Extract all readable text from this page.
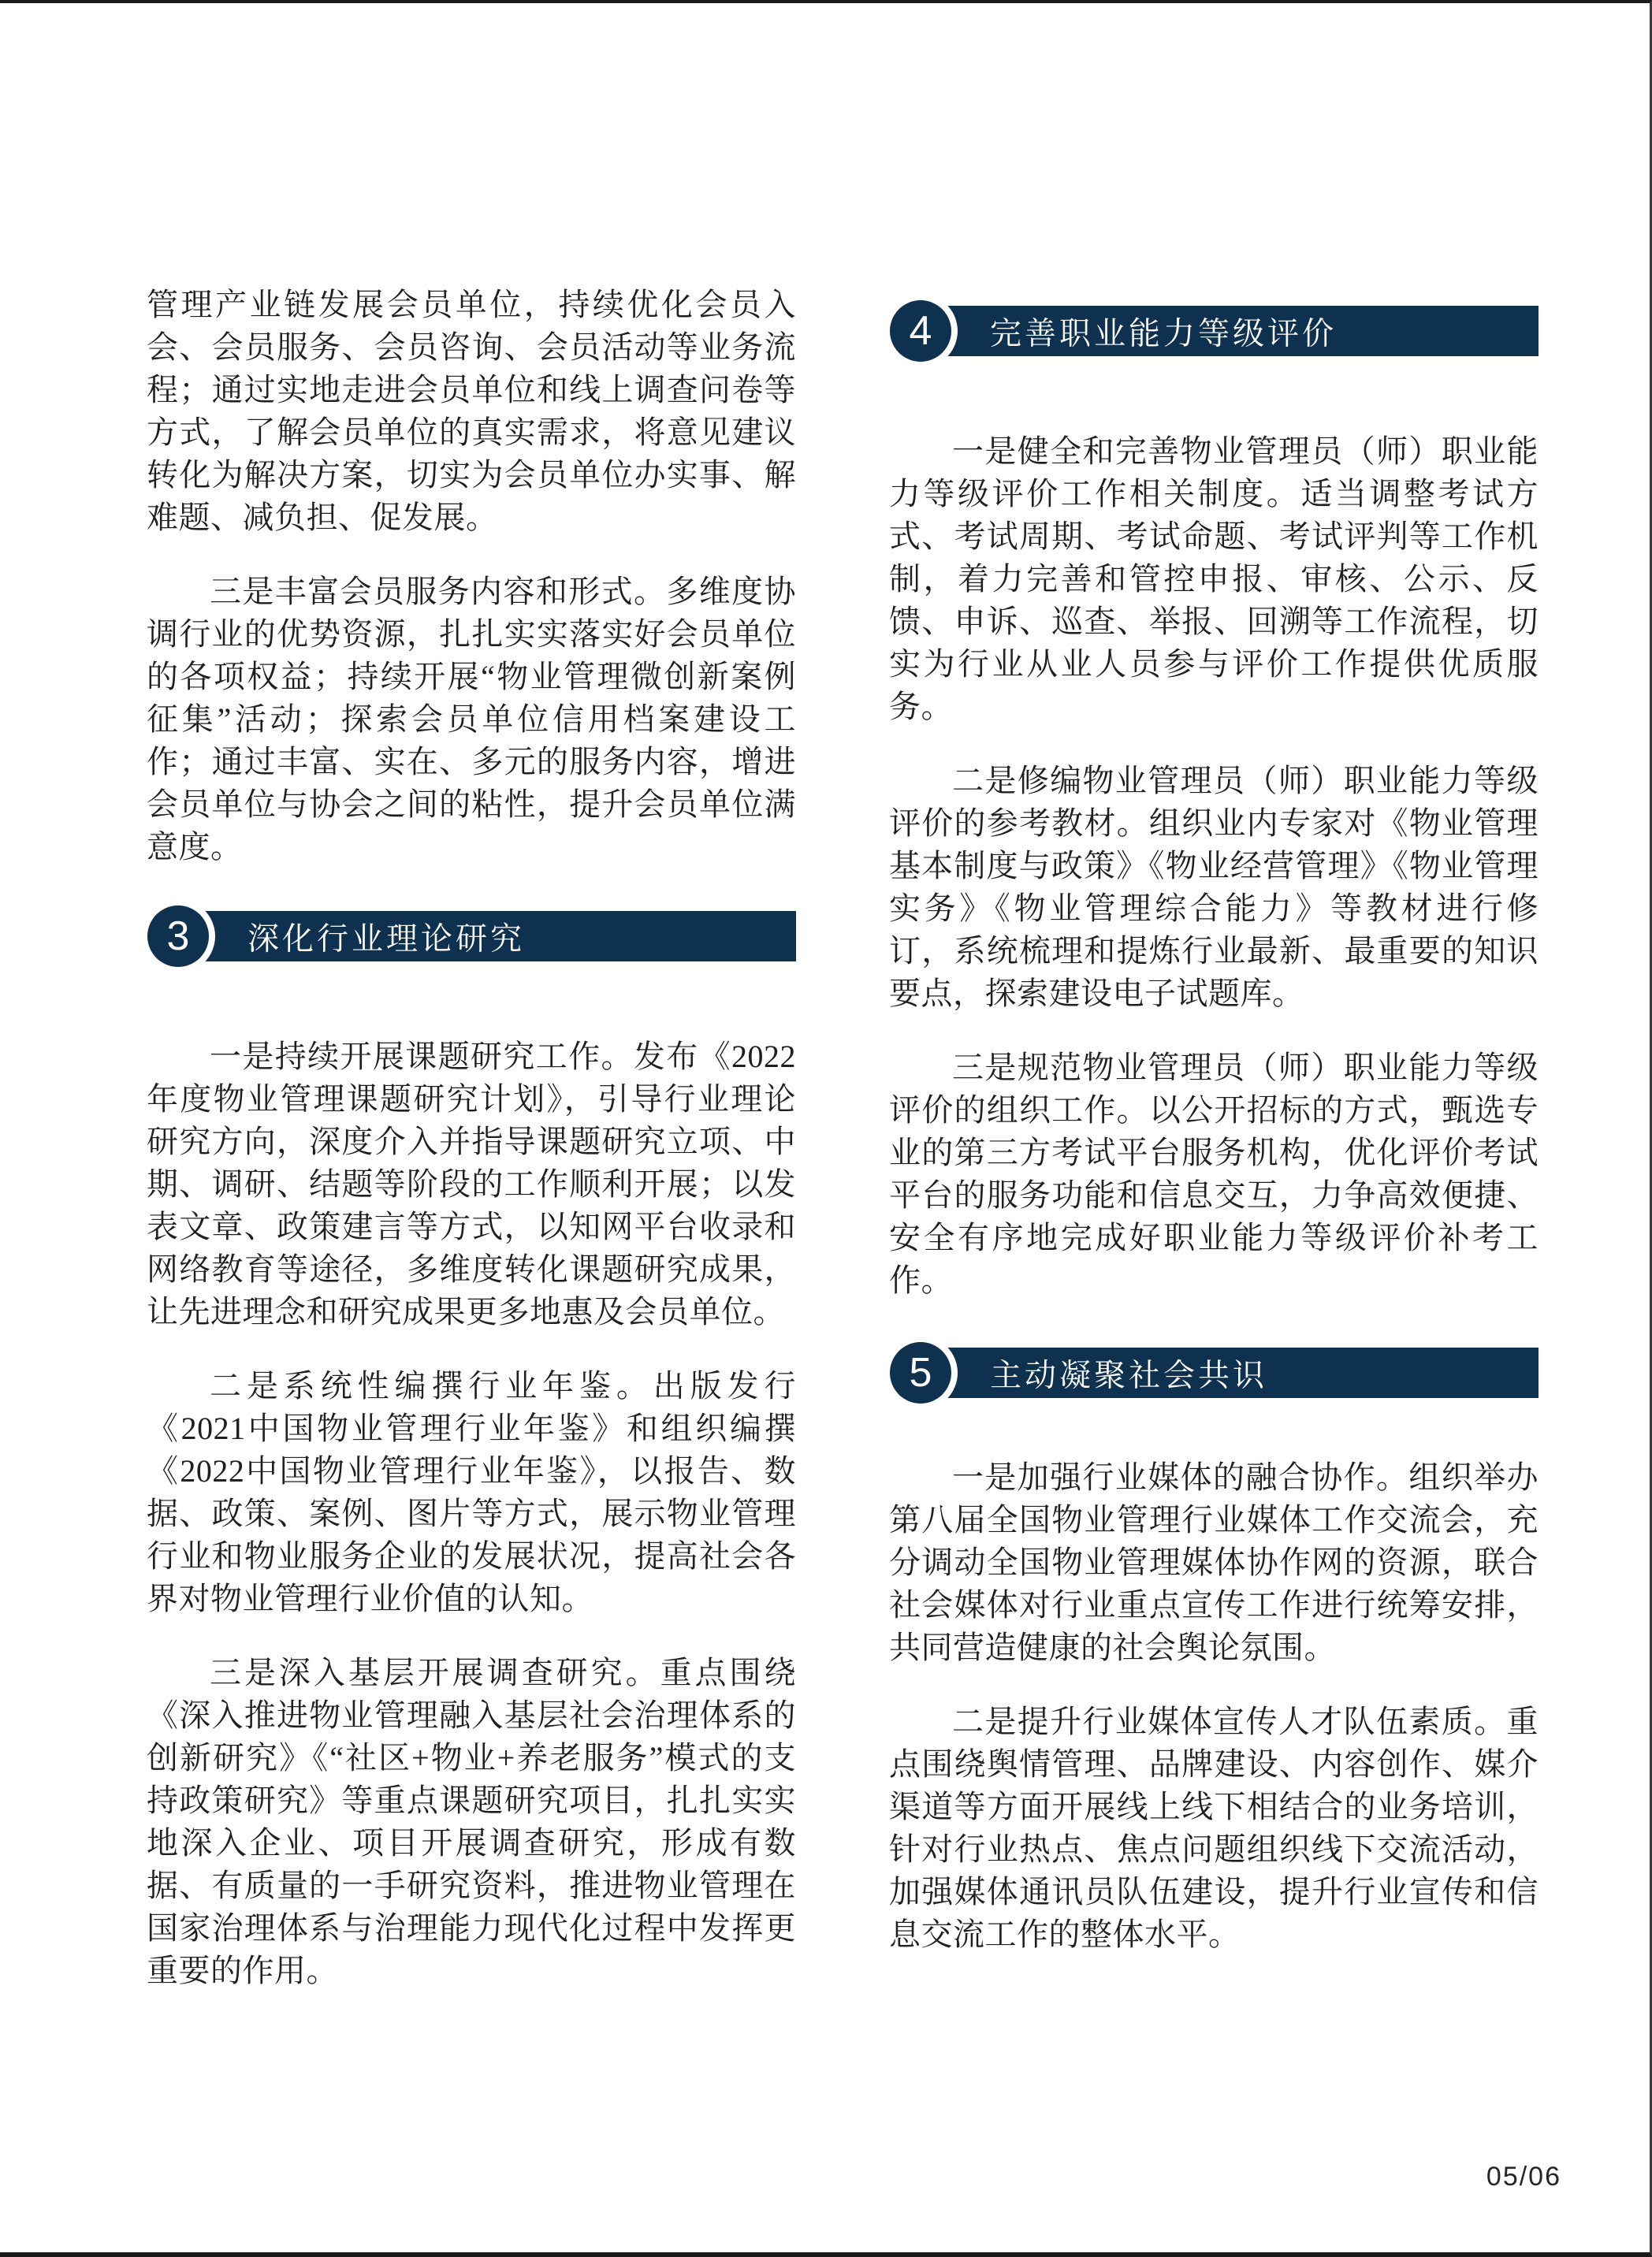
管理产业链发展会员单位，持续优化会员入会、会员服务、会员咨询、会员活动等业务流程；通过实地走进会员单位和线上调查问卷等方式，了解会员单位的真实需求，将意见建议转化为解决方案，切实为会员单位办实事、解难题、减负担、促发展。

三是丰富会员服务内容和形式。多维度协调行业的优势资源，扎扎实实落实好会员单位的各项权益；持续开展“物业管理微创新案例征集”活动；探索会员单位信用档案建设工作；通过丰富、实在、多元的服务内容，增进会员单位与协会之间的粘性，提升会员单位满意度。

3 深化行业理论研究

一是持续开展课题研究工作。发布《2022年度物业管理课题研究计划》，引导行业理论研究方向，深度介入并指导课题研究立项、中期、调研、结题等阶段的工作顺利开展；以发表文章、政策建言等方式，以知网平台收录和网络教育等途径，多维度转化课题研究成果，让先进理念和研究成果更多地惠及会员单位。

二是系统性编撰行业年鉴。出版发行《2021中国物业管理行业年鉴》和组织编撰《2022中国物业管理行业年鉴》，以报告、数据、政策、案例、图片等方式，展示物业管理行业和物业服务企业的发展状况，提高社会各界对物业管理行业价值的认知。

三是深入基层开展调查研究。重点围绕《深入推进物业管理融入基层社会治理体系的创新研究》《“社区+物业+养老服务”模式的支持政策研究》等重点课题研究项目，扎扎实实地深入企业、项目开展调查研究，形成有数据、有质量的一手研究资料，推进物业管理在国家治理体系与治理能力现代化过程中发挥更重要的作用。

4 完善职业能力等级评价

一是健全和完善物业管理员（师）职业能力等级评价工作相关制度。适当调整考试方式、考试周期、考试命题、考试评判等工作机制，着力完善和管控申报、审核、公示、反馈、申诉、巡查、举报、回溯等工作流程，切实为行业从业人员参与评价工作提供优质服务。

二是修编物业管理员（师）职业能力等级评价的参考教材。组织业内专家对《物业管理基本制度与政策》《物业经营管理》《物业管理实务》《物业管理综合能力》等教材进行修订，系统梳理和提炼行业最新、最重要的知识要点，探索建设电子试题库。

三是规范物业管理员（师）职业能力等级评价的组织工作。以公开招标的方式，甄选专业的第三方考试平台服务机构，优化评价考试平台的服务功能和信息交互，力争高效便捷、安全有序地完成好职业能力等级评价补考工作。

5 主动凝聚社会共识

一是加强行业媒体的融合协作。组织举办第八届全国物业管理行业媒体工作交流会，充分调动全国物业管理媒体协作网的资源，联合社会媒体对行业重点宣传工作进行统筹安排，共同营造健康的社会舆论氛围。

二是提升行业媒体宣传人才队伍素质。重点围绕舆情管理、品牌建设、内容创作、媒介渠道等方面开展线上线下相结合的业务培训，针对行业热点、焦点问题组织线下交流活动，加强媒体通讯员队伍建设，提升行业宣传和信息交流工作的整体水平。

05/06
